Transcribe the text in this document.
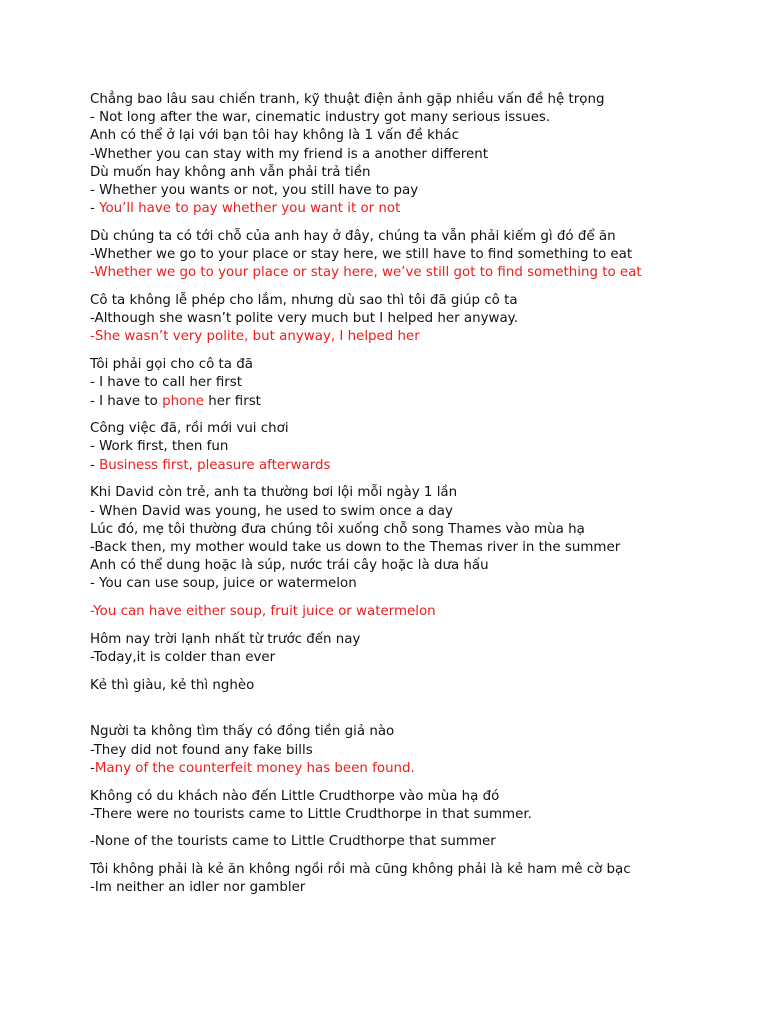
Chẳng bao lâu sau chiến tranh, kỹ thuật điện ảnh gặp nhiều vấn đề hệ trọng
- Not long after the war, cinematic industry got many serious issues.
Anh có thể ở lại với bạn tôi hay không là 1 vấn đề khác
-Whether you can stay with my friend is a another different
Dù muốn hay không anh vẫn phải trả tiền
- Whether you wants or not, you still have to pay
- You’ll have to pay whether you want it or not
Dù chúng ta có tới chỗ của anh hay ở đây, chúng ta vẫn phải kiếm gì đó để ăn
-Whether we go to your place or stay here, we still have to find something to eat
-Whether we go to your place or stay here, we’ve still got to find something to eat
Cô ta không lễ phép cho lắm, nhưng dù sao thì tôi đã giúp cô ta
-Although she wasn’t polite very much but I helped her anyway.
-She wasn’t very polite, but anyway, I helped her
Tôi phải gọi cho cô ta đã
- I have to call her first
- I have to phone her first
Công việc đã, rồi mới vui chơi
- Work first, then fun
- Business first, pleasure afterwards
Khi David còn trẻ, anh ta thường bơi lội mỗi ngày 1 lần
- When David was young, he used to swim once a day
Lúc đó, mẹ tôi thường đưa chúng tôi xuống chỗ song Thames vào mùa hạ
-Back then, my mother would take us down to the Themas river in the summer
Anh có thể dung hoặc là súp, nước trái cây hoặc là dưa hấu
- You can use soup, juice or watermelon
-You can have either soup, fruit juice or watermelon
Hôm nay trời lạnh nhất từ trước đến nay
-Today,it is colder than ever
Kẻ thì giàu, kẻ thì nghèo
Người ta không tìm thấy có đồng tiền giả nào
-They did not found any fake bills
-Many of the counterfeit money has been found.
Không có du khách nào đến Little Crudthorpe vào mùa hạ đó
-There were no tourists came to Little Crudthorpe in that summer.
-None of the tourists came to Little Crudthorpe that summer
Tôi không phải là kẻ ăn không ngồi rồi mà cũng không phải là kẻ ham mê cờ bạc
-Im neither an idler nor gambler
